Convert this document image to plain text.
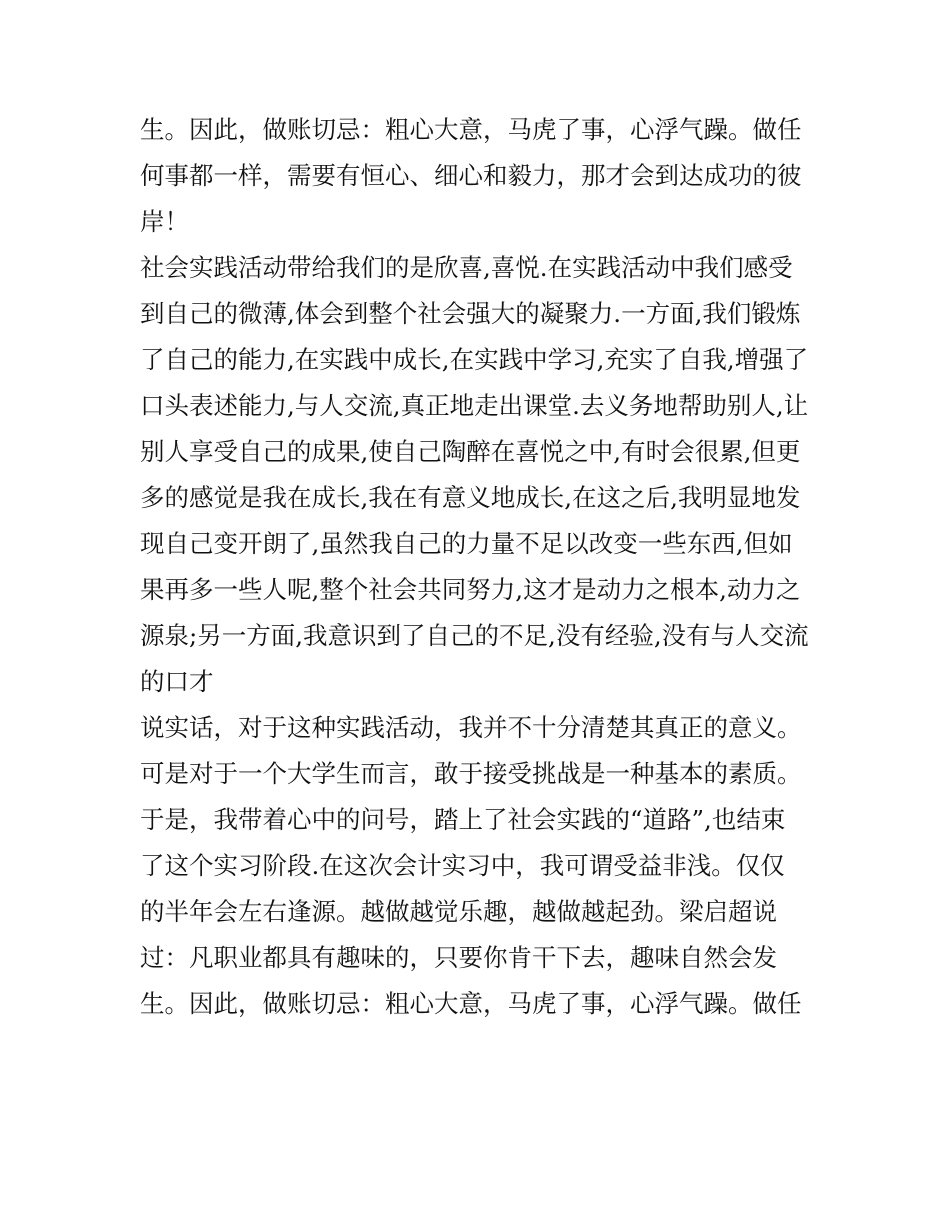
生。因此，做账切忌：粗心大意，马虎了事，心浮气躁。做任
何事都一样，需要有恒心、细心和毅力，那才会到达成功的彼
岸！
社会实践活动带给我们的是欣喜,喜悦.在实践活动中我们感受
到自己的微薄,体会到整个社会强大的凝聚力.一方面,我们锻炼
了自己的能力,在实践中成长,在实践中学习,充实了自我,增强了
口头表述能力,与人交流,真正地走出课堂.去义务地帮助别人,让
别人享受自己的成果,使自己陶醉在喜悦之中,有时会很累,但更
多的感觉是我在成长,我在有意义地成长,在这之后,我明显地发
现自己变开朗了,虽然我自己的力量不足以改变一些东西,但如
果再多一些人呢,整个社会共同努力,这才是动力之根本,动力之
源泉;另一方面,我意识到了自己的不足,没有经验,没有与人交流
的口才
说实话，对于这种实践活动，我并不十分清楚其真正的意义。
可是对于一个大学生而言，敢于接受挑战是一种基本的素质。
于是，我带着心中的问号，踏上了社会实践的“道路”,也结束
了这个实习阶段.在这次会计实习中，我可谓受益非浅。仅仅
的半年会左右逢源。越做越觉乐趣，越做越起劲。梁启超说
过：凡职业都具有趣味的，只要你肯干下去，趣味自然会发
生。因此，做账切忌：粗心大意，马虎了事，心浮气躁。做任
